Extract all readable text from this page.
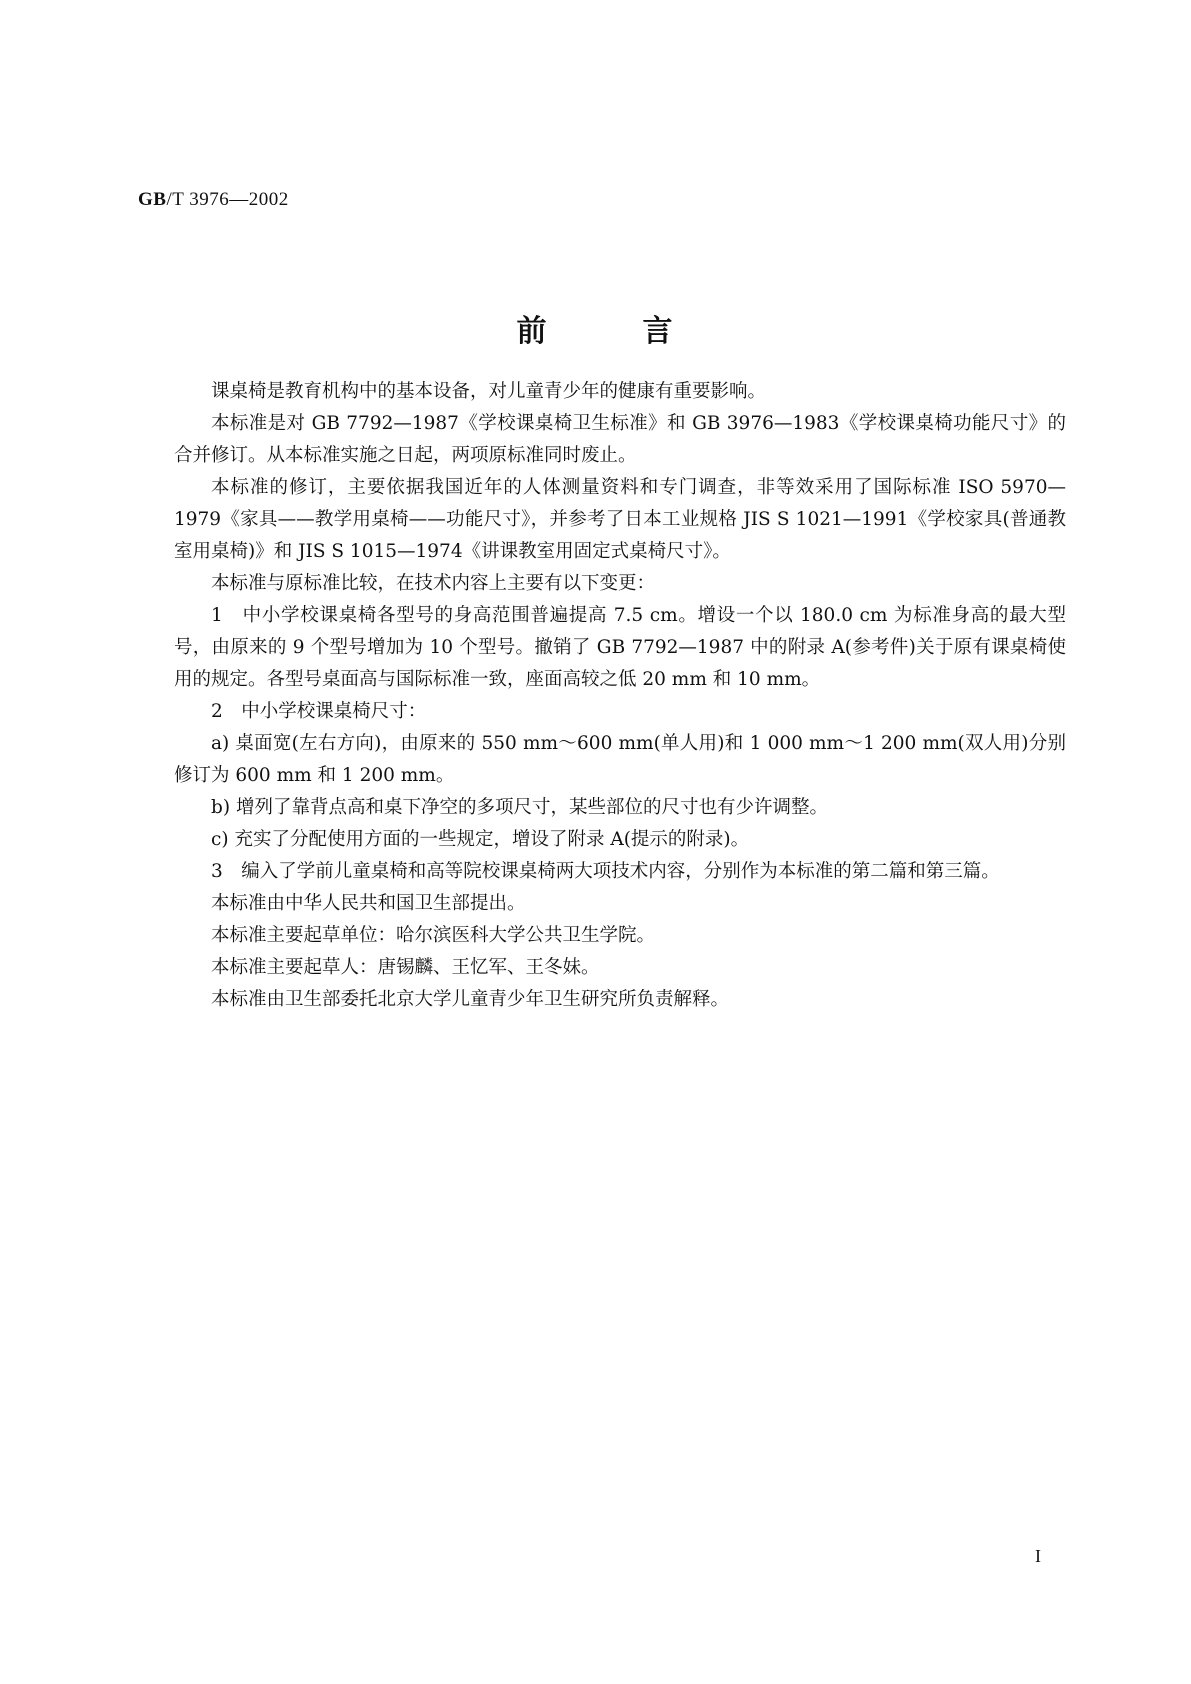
GB/T 3976—2002
前	言

课桌椅是教育机构中的基本设备，对儿童青少年的健康有重要影响。

本标准是对 GB 7792—1987《学校课桌椅卫生标准》和 GB 3976—1983《学校课桌椅功能尺寸》的合并修订。从本标准实施之日起，两项原标准同时废止。

本标准的修订，主要依据我国近年的人体测量资料和专门调查，非等效采用了国际标准 ISO 5970—1979《家具——教学用桌椅——功能尺寸》，并参考了日本工业规格 JIS S 1021—1991《学校家具(普通教室用桌椅)》和 JIS S 1015—1974《讲课教室用固定式桌椅尺寸》。

本标准与原标准比较，在技术内容上主要有以下变更：

1　中小学校课桌椅各型号的身高范围普遍提高 7.5 cm。增设一个以 180.0 cm 为标准身高的最大型号，由原来的 9 个型号增加为 10 个型号。撤销了 GB 7792—1987 中的附录 A(参考件)关于原有课桌椅使用的规定。各型号桌面高与国际标准一致，座面高较之低 20 mm 和 10 mm。

2　中小学校课桌椅尺寸：

a) 桌面宽(左右方向)，由原来的 550 mm～600 mm(单人用)和 1 000 mm～1 200 mm(双人用)分别修订为 600 mm 和 1 200 mm。

b) 增列了靠背点高和桌下净空的多项尺寸，某些部位的尺寸也有少许调整。

c) 充实了分配使用方面的一些规定，增设了附录 A(提示的附录)。

3　编入了学前儿童桌椅和高等院校课桌椅两大项技术内容，分别作为本标准的第二篇和第三篇。

本标准由中华人民共和国卫生部提出。

本标准主要起草单位：哈尔滨医科大学公共卫生学院。

本标准主要起草人：唐锡麟、王忆军、王冬妹。

本标准由卫生部委托北京大学儿童青少年卫生研究所负责解释。

I
